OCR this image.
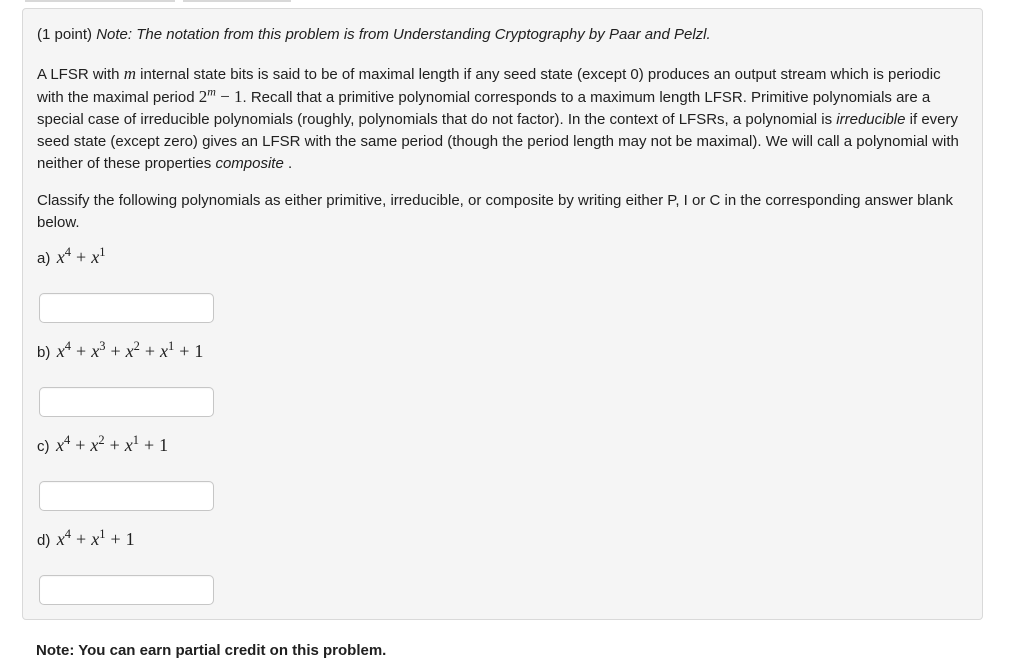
(1 point) Note: The notation from this problem is from Understanding Cryptography by Paar and Pelzl.

A LFSR with m internal state bits is said to be of maximal length if any seed state (except 0) produces an output stream which is periodic with the maximal period $2^m - 1$. Recall that a primitive polynomial corresponds to a maximum length LFSR. Primitive polynomials are a special case of irreducible polynomials (roughly, polynomials that do not factor). In the context of LFSRs, a polynomial is irreducible if every seed state (except zero) gives an LFSR with the same period (though the period length may not be maximal). We will call a polynomial with neither of these properties composite .

Classify the following polynomials as either primitive, irreducible, or composite by writing either P, I or C in the corresponding answer blank below.

a) $x^4 + x^1$

b) $x^4 + x^3 + x^2 + x^1 + 1$

c) $x^4 + x^2 + x^1 + 1$

d) $x^4 + x^1 + 1$

Note: You can earn partial credit on this problem.
